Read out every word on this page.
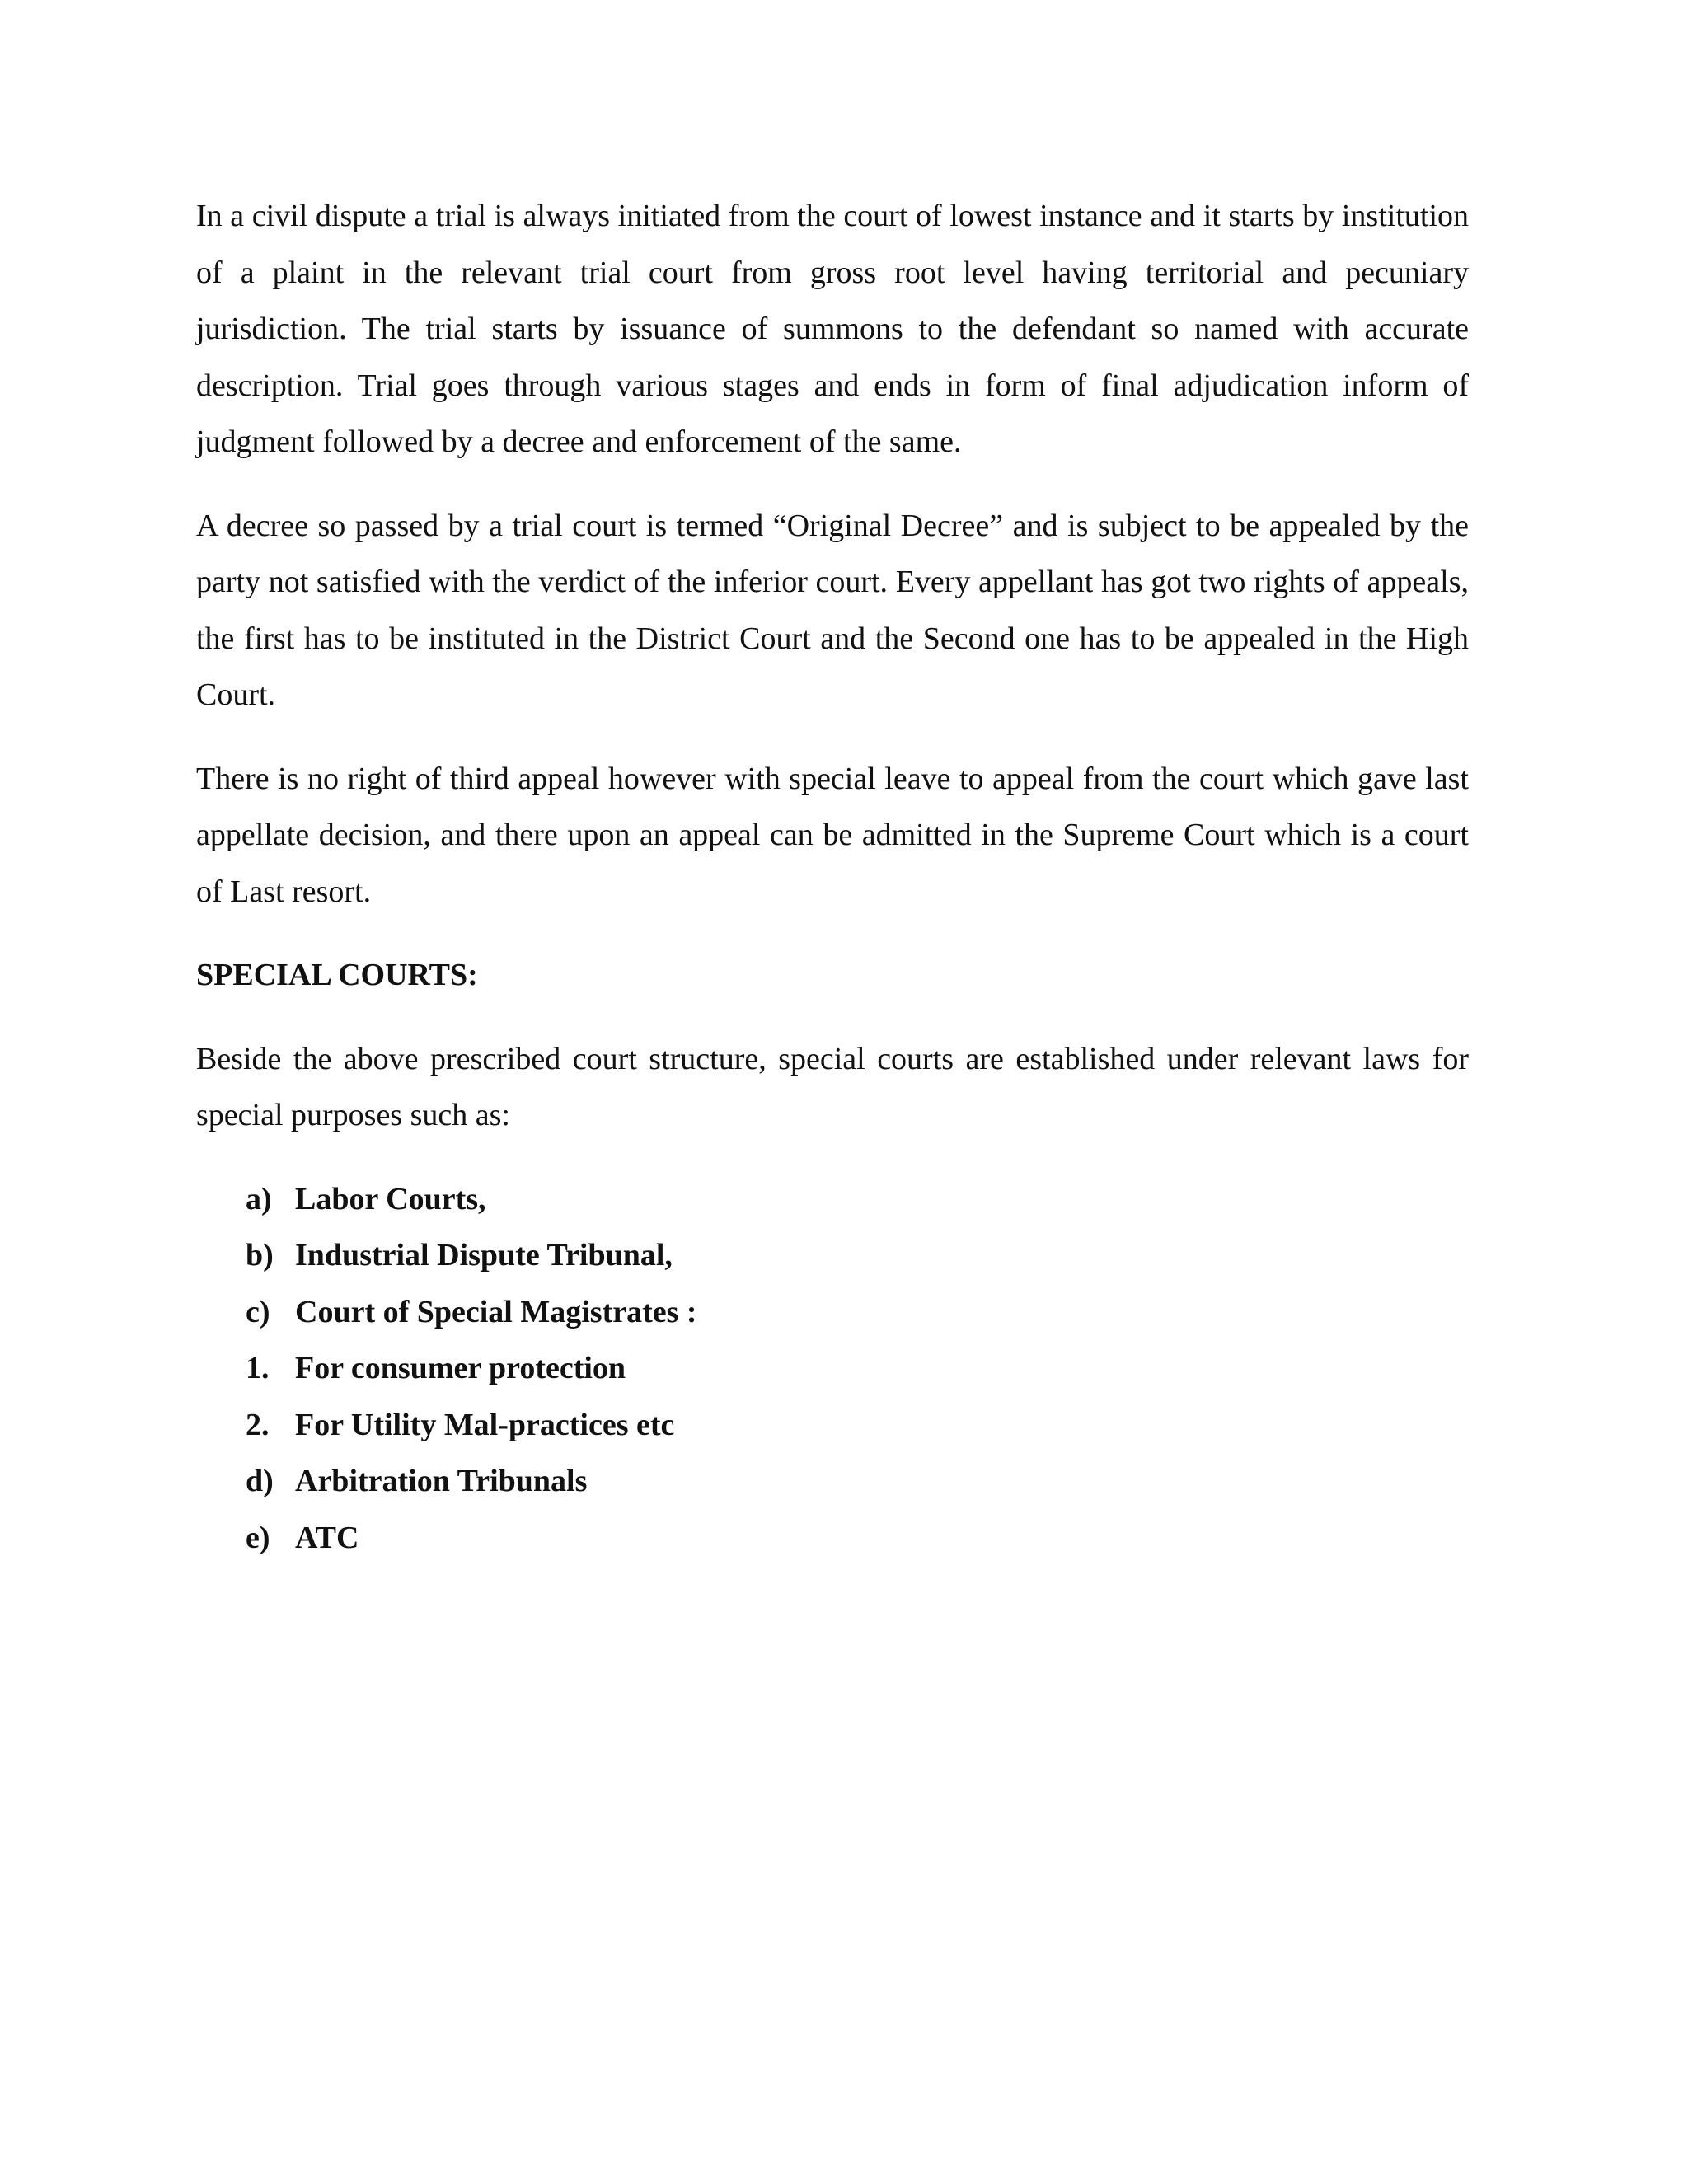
In a civil dispute a trial is always initiated from the court of lowest instance and it starts by institution of a plaint in the relevant trial court from gross root level having territorial and pecuniary jurisdiction. The trial starts by issuance of summons to the defendant so named with accurate description. Trial goes through various stages and ends in form of final adjudication inform of judgment followed by a decree and enforcement of the same.

A decree so passed by a trial court is termed “Original Decree” and is subject to be appealed by the party not satisfied with the verdict of the inferior court. Every appellant has got two rights of appeals, the first has to be instituted in the District Court and the Second one has to be appealed in the High Court.

There is no right of third appeal however with special leave to appeal from the court which gave last appellate decision, and there upon an appeal can be admitted in the Supreme Court which is a court of Last resort.

SPECIAL COURTS:

Beside the above prescribed court structure, special courts are established under relevant laws for special purposes such as:

a) Labor Courts,
b) Industrial Dispute Tribunal,
c) Court of Special Magistrates :
1. For consumer protection
2. For Utility Mal-practices etc
d) Arbitration Tribunals
e) ATC
